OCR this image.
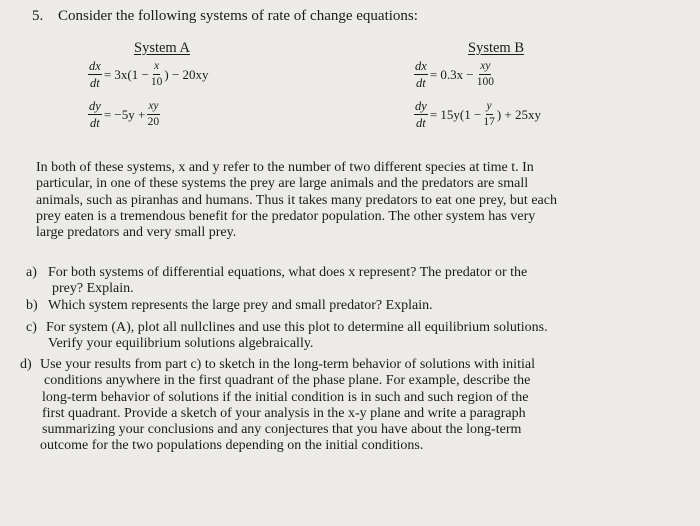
5. Consider the following systems of rate of change equations:
System A
$\frac{dx}{dt} = 3x(1 - \frac{x}{10}$ ) − 20xy
$\frac{dy}{dt} = -5y + \frac{xy}{20}$
System B
$\frac{dx}{dt} = 0.3x - \frac{xy}{100}$
$\frac{dy}{dt} = 15y(1 - \frac{y}{17}$ ) + 25xy

In both of these systems, x and y refer to the number of two different species at time t. In

particular, in one of these systems the prey are large animals and the predators are small

animals, such as piranhas and humans. Thus it takes many predators to eat one prey, but each

prey eaten is a tremendous benefit for the predator population. The other system has very

large predators and very small prey.

a) For both systems of differential equations, what does x represent? The predator or the

prey? Explain.

b) Which system represents the large prey and small predator? Explain.

c) For system (A), plot all nullclines and use this plot to determine all equilibrium solutions.

Verify your equilibrium solutions algebraically.

d) Use your results from part c) to sketch in the long-term behavior of solutions with initial

conditions anywhere in the first quadrant of the phase plane. For example, describe the

long-term behavior of solutions if the initial condition is in such and such region of the

first quadrant. Provide a sketch of your analysis in the x-y plane and write a paragraph

summarizing your conclusions and any conjectures that you have about the long-term

outcome for the two populations depending on the initial conditions.
